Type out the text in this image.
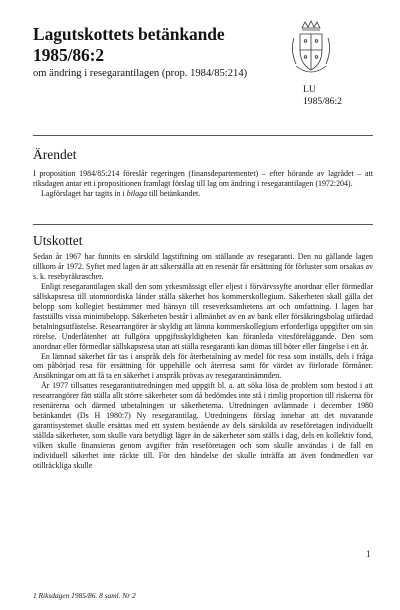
Lagutskottets betänkande
1985/86:2
om ändring i resegarantilagen (prop. 1984/85:214)
LU
1985/86:2
Ärendet

I proposition 1984/85:214 föreslår regeringen (finansdepartementet) – efter hörande av lagrådet – att riksdagen antar ett i propositionen framlagt förslag till lag om ändring i resegarantilagen (1972:204).

Lagförslaget har tagits in i bilaga till betänkandet.

Utskottet

Sedan år 1967 har funnits en särskild lagstiftning om ställande av resegaranti. Den nu gällande lagen tillkom år 1972. Syftet med lagen är att säkerställa att en resenär får ersättning för förluster som orsakas av s. k. resebyråkrascher.

Enligt resegarantilagen skall den som yrkesmässigt eller eljest i förvärvssyfte anordnar eller förmedlar sällskapsresa till utomnordiska länder ställa säkerhet hos kommerskollegium. Säkerheten skall gälla det belopp som kollegiet bestämmer med hänsyn till reseverksamhetens art och omfattning. I lagen har fastställts vissa minimibelopp. Säkerheten består i allmänhet av en av bank eller försäkringsbolag utfärdad betalningsutfästelse. Researrangörer är skyldig att lämna kommerskollegium erforderliga uppgifter om sin rörelse. Underlåtenhet att fullgöra uppgiftsskyldigheten kan föranleda vitesföreläggande. Den som anordnar eller förmedlar sällskapsresa utan att ställa resegaranti kan dömas till böter eller fängelse i ett år.

En lämnad säkerhet får tas i anspråk dels för återbetalning av medel för resa som inställs, dels i fråga om påbörjad resa för ersättning för uppehälle och återresa samt för värdet av förlorade förmåner. Ansökningar om att få ta en säkerhet i anspråk prövas av resegarantinämnden.

År 1977 tillsattes resegarantiutredningen med uppgift bl. a. att söka lösa de problem som bestod i att researrangörer fått ställa allt större säkerheter som då bedömdes inte stå i rimlig proportion till riskerna för resenärerna och därmed utbetalningen ur säkerheterna. Utredningen avlämnade i december 1980 betänkandet (Ds H 1980:7) Ny resegarantilag. Utredningens förslag innebar att det nuvarande garantisystemet skulle ersättas med ett system bestående av dels särskilda av reseföretagen individuellt ställda säkerheter, som skulle vara betydligt lägre än de säkerheter som ställs i dag, dels en kollektiv fond, vilken skulle finansieras genom avgifter från reseföretagen och som skulle användas i de fall en individuell säkerhet inte räckte till. För den händelse det skulle inträffa att även fondmedlen var otillräckliga skulle

1
1 Riksdagen 1985/86. 8 saml. Nr 2
